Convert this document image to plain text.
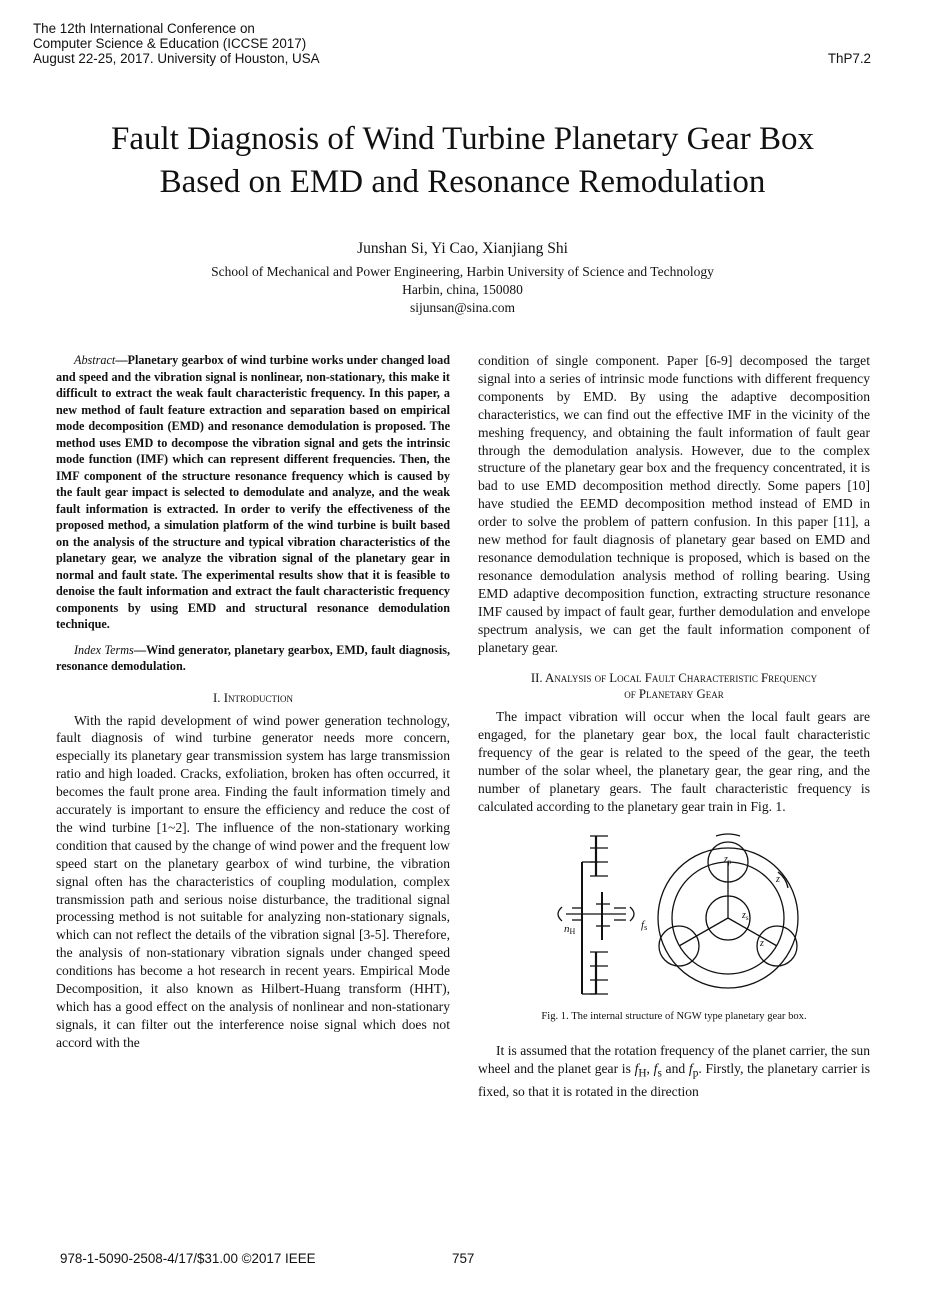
The 12th International Conference on
Computer Science & Education (ICCSE 2017)
August 22-25, 2017. University of Houston, USA	ThP7.2
Fault Diagnosis of Wind Turbine Planetary Gear Box
Based on EMD and Resonance Remodulation
Junshan Si, Yi Cao, Xianjiang Shi
School of Mechanical and Power Engineering, Harbin University of Science and Technology
Harbin, china, 150080
sijunsan@sina.com

Abstract—Planetary gearbox of wind turbine works under changed load and speed and the vibration signal is nonlinear, non-stationary, this make it difficult to extract the weak fault characteristic frequency. In this paper, a new method of fault feature extraction and separation based on empirical mode decomposition (EMD) and resonance demodulation is proposed. The method uses EMD to decompose the vibration signal and gets the intrinsic mode function (IMF) which can represent different frequencies. Then, the IMF component of the structure resonance frequency which is caused by the fault gear impact is selected to demodulate and analyze, and the weak fault information is extracted. In order to verify the effectiveness of the proposed method, a simulation platform of the wind turbine is built based on the analysis of the structure and typical vibration characteristics of the planetary gear, we analyze the vibration signal of the planetary gear in normal and fault state. The experimental results show that it is feasible to denoise the fault information and extract the fault characteristic frequency components by using EMD and structural resonance demodulation technique.

Index Terms—Wind generator, planetary gearbox, EMD, fault diagnosis, resonance demodulation.

I. Introduction

With the rapid development of wind power generation technology, fault diagnosis of wind turbine generator needs more concern, especially its planetary gear transmission system has large transmission ratio and high loaded. Cracks, exfoliation, broken has often occurred, it becomes the fault prone area. Finding the fault information timely and accurately is important to ensure the efficiency and reduce the cost of the wind turbine [1~2]. The influence of the non-stationary working condition that caused by the change of wind power and the frequent low speed start on the planetary gearbox of wind turbine, the vibration signal often has the characteristics of coupling modulation, complex transmission path and serious noise disturbance, the traditional signal processing method is not suitable for analyzing non-stationary signals, which can not reflect the details of the vibration signal [3-5]. Therefore, the analysis of non-stationary vibration signals under changed speed conditions has become a hot research in recent years. Empirical Mode Decomposition, it also known as Hilbert-Huang transform (HHT), which has a good effect on the analysis of nonlinear and non-stationary signals, it can filter out the interference noise signal which does not accord with the

condition of single component. Paper [6-9] decomposed the target signal into a series of intrinsic mode functions with different frequency components by EMD. By using the adaptive decomposition characteristics, we can find out the effective IMF in the vicinity of the meshing frequency, and obtaining the fault information of fault gear through the demodulation analysis. However, due to the complex structure of the planetary gear box and the frequency concentrated, it is bad to use EMD decomposition method directly. Some papers [10] have studied the EEMD decomposition method instead of EMD in order to solve the problem of pattern confusion. In this paper [11], a new method for fault diagnosis of planetary gear based on EMD and resonance demodulation technique is proposed, which is based on the resonance demodulation analysis method of rolling bearing. Using EMD adaptive decomposition function, extracting structure resonance IMF caused by impact of fault gear, further demodulation and envelope spectrum analysis, we can get the fault information component of planetary gear.

II. Analysis of Local Fault Characteristic Frequency
of Planetary Gear

The impact vibration will occur when the local fault gears are engaged, for the planetary gear box, the local fault characteristic frequency of the gear is related to the speed of the gear, the teeth number of the solar wheel, the planetary gear, the gear ring, and the number of planetary gears. The fault characteristic frequency is calculated according to the planetary gear train in Fig. 1.

nH
fs
$z_p$
$z_s$
z
z
Fig. 1. The internal structure of NGW type planetary gear box.

It is assumed that the rotation frequency of the planet carrier, the sun wheel and the planet gear is $f_H$, $f_s$ and $f_p$. Firstly, the planetary carrier is fixed, so that it is rotated in the direction

978-1-5090-2508-4/17/$31.00 ©2017 IEEE	757
